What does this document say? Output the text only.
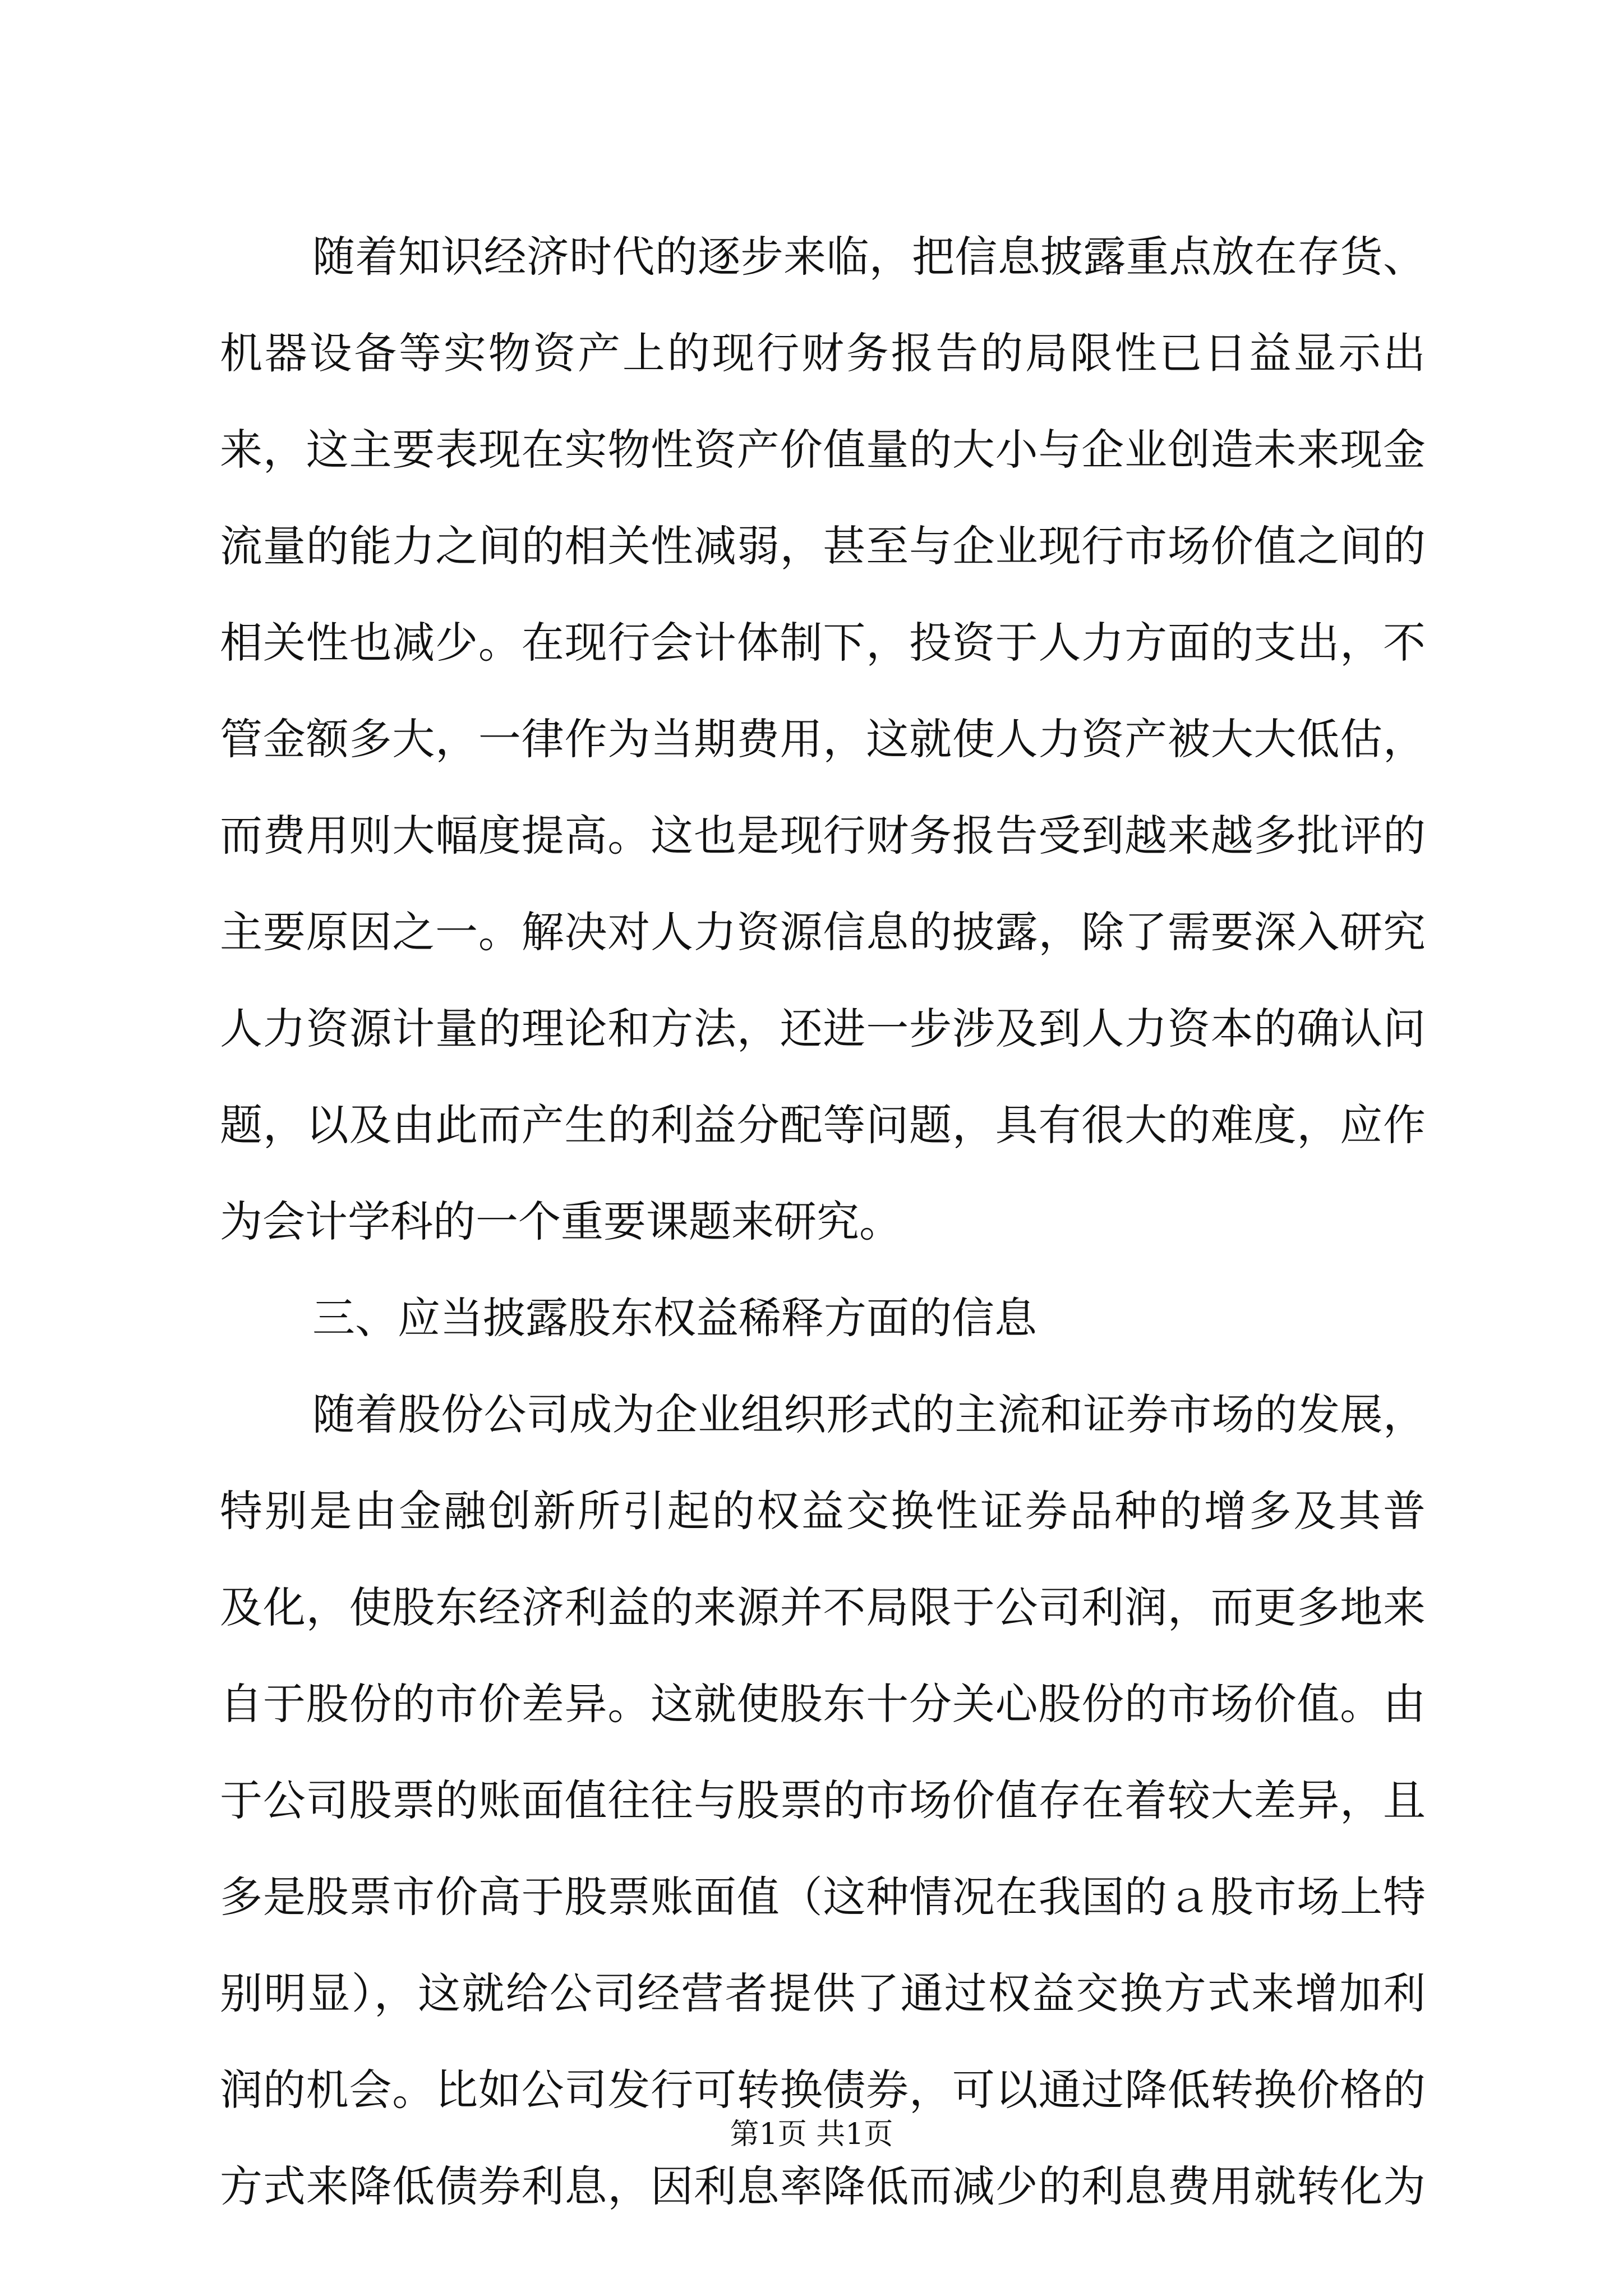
随着知识经济时代的逐步来临，把信息披露重点放在存货、
机器设备等实物资产上的现行财务报告的局限性已日益显示出
来，这主要表现在实物性资产价值量的大小与企业创造未来现金
流量的能力之间的相关性减弱，甚至与企业现行市场价值之间的
相关性也减少。在现行会计体制下，投资于人力方面的支出，不
管金额多大，一律作为当期费用，这就使人力资产被大大低估，
而费用则大幅度提高。这也是现行财务报告受到越来越多批评的
主要原因之一。解决对人力资源信息的披露，除了需要深入研究
人力资源计量的理论和方法，还进一步涉及到人力资本的确认问
题，以及由此而产生的利益分配等问题，具有很大的难度，应作
为会计学科的一个重要课题来研究。
三、应当披露股东权益稀释方面的信息
随着股份公司成为企业组织形式的主流和证券市场的发展，
特别是由金融创新所引起的权益交换性证券品种的增多及其普
及化，使股东经济利益的来源并不局限于公司利润，而更多地来
自于股份的市价差异。这就使股东十分关心股份的市场价值。由
于公司股票的账面值往往与股票的市场价值存在着较大差异，且
多是股票市价高于股票账面值（这种情况在我国的ａ股市场上特
别明显），这就给公司经营者提供了通过权益交换方式来增加利
润的机会。比如公司发行可转换债券，可以通过降低转换价格的
方式来降低债券利息，因利息率降低而减少的利息费用就转化为
第1页 共1页
